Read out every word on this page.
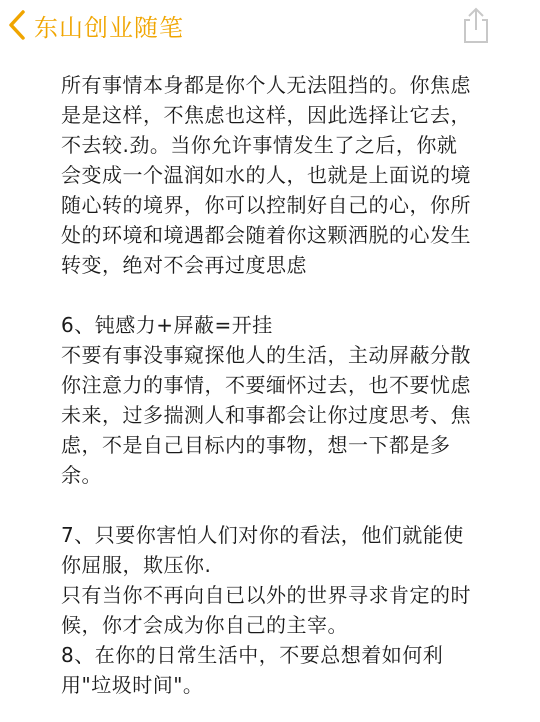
东山创业随笔
所有事情本身都是你个人无法阻挡的。你焦虑
是是这样，不焦虑也这样，因此选择让它去，
不去较.劲。当你允许事情发生了之后，你就
会变成一个温润如水的人，也就是上面说的境
随心转的境界，你可以控制好自己的心，你所
处的环境和境遇都会随着你这颗洒脱的心发生
转变，绝对不会再过度思虑
6、钝感力+屏蔽=开挂
不要有事没事窥探他人的生活，主动屏蔽分散
你注意力的事情，不要缅怀过去，也不要忧虑
未来，过多揣测人和事都会让你过度思考、焦
虑，不是自己目标内的事物，想一下都是多
余。
7、只要你害怕人们对你的看法，他们就能使
你屈服，欺压你.
只有当你不再向自已以外的世界寻求肯定的时
候，你才会成为你自己的主宰。
8、在你的日常生活中，不要总想着如何利
用"垃圾时间"。
